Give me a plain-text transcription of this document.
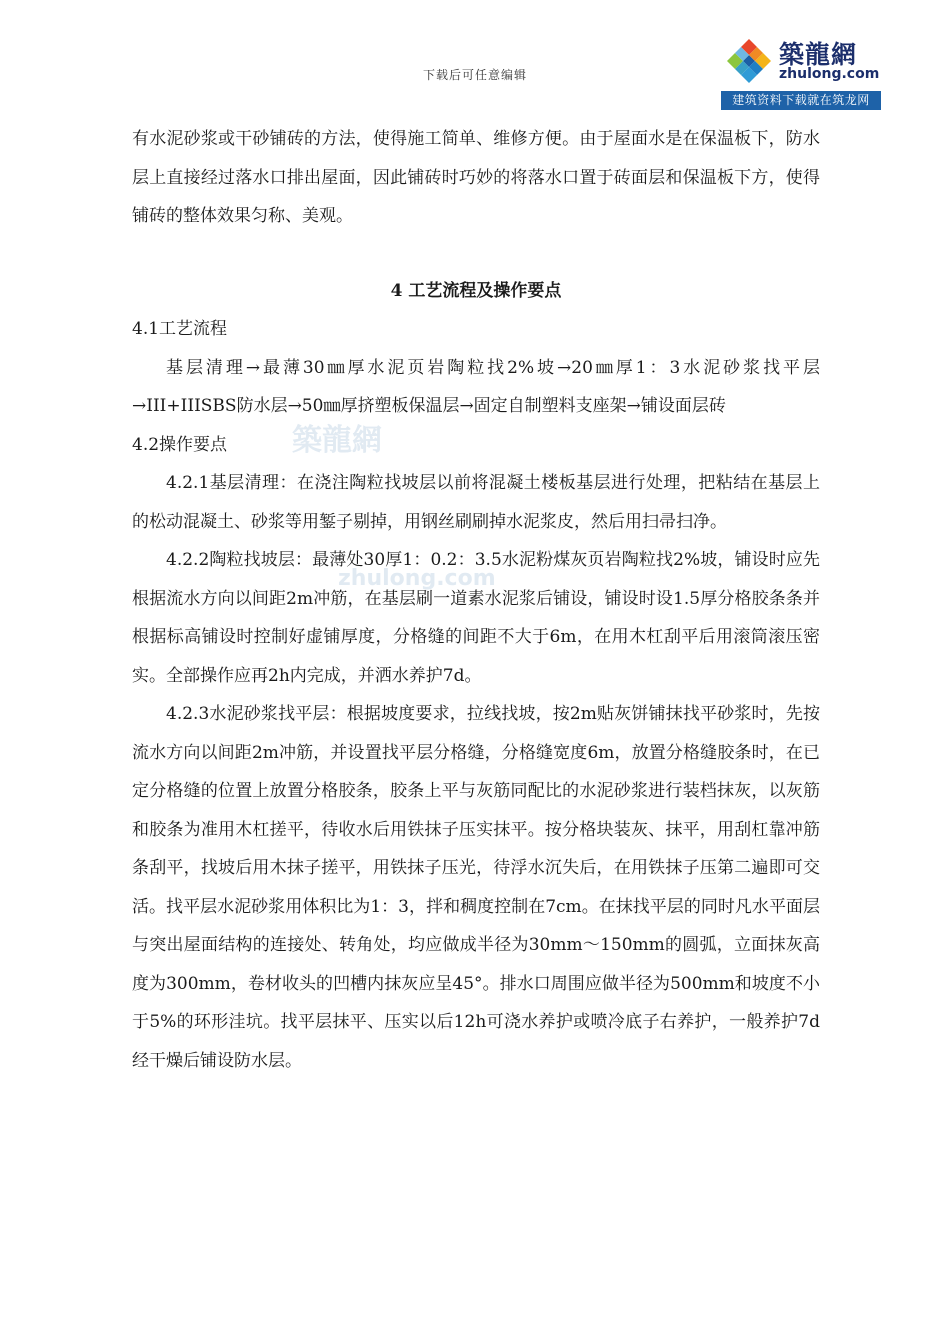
下载后可任意编辑
築龍網
zhulong.com
建筑资料下载就在筑龙网
築龍網
zhulong.com

有水泥砂浆或干砂铺砖的方法，使得施工简单、维修方便。由于屋面水是在保温板下，防水层上直接经过落水口排出屋面，因此铺砖时巧妙的将落水口置于砖面层和保温板下方，使得铺砖的整体效果匀称、美观。

4 工艺流程及操作要点

4.1工艺流程

基层清理→最薄30㎜厚水泥页岩陶粒找2%坡→20㎜厚1：3水泥砂浆找平层→III+IIISBS防水层→50㎜厚挤塑板保温层→固定自制塑料支座架→铺设面层砖

4.2操作要点

4.2.1基层清理：在浇注陶粒找坡层以前将混凝土楼板基层进行处理，把粘结在基层上的松动混凝土、砂浆等用錾子剔掉，用钢丝刷刷掉水泥浆皮，然后用扫帚扫净。

4.2.2陶粒找坡层：最薄处30厚1：0.2：3.5水泥粉煤灰页岩陶粒找2%坡，铺设时应先根据流水方向以间距2m冲筋，在基层刷一道素水泥浆后铺设，铺设时设1.5厚分格胶条条并根据标高铺设时控制好虚铺厚度，分格缝的间距不大于6m，在用木杠刮平后用滚筒滚压密实。全部操作应再2h内完成，并洒水养护7d。

4.2.3水泥砂浆找平层：根据坡度要求，拉线找坡，按2m贴灰饼铺抹找平砂浆时，先按流水方向以间距2m冲筋，并设置找平层分格缝，分格缝宽度6m，放置分格缝胶条时，在已定分格缝的位置上放置分格胶条，胶条上平与灰筋同配比的水泥砂浆进行装档抹灰，以灰筋和胶条为准用木杠搓平，待收水后用铁抹子压实抹平。按分格块装灰、抹平，用刮杠靠冲筋条刮平，找坡后用木抹子搓平，用铁抹子压光，待浮水沉失后，在用铁抹子压第二遍即可交活。找平层水泥砂浆用体积比为1：3，拌和稠度控制在7cm。在抹找平层的同时凡水平面层与突出屋面结构的连接处、转角处，均应做成半径为30mm～150mm的圆弧，立面抹灰高度为300mm，卷材收头的凹槽内抹灰应呈45°。排水口周围应做半径为500mm和坡度不小于5%的环形洼坑。找平层抹平、压实以后12h可浇水养护或喷冷底子右养护，一般养护7d经干燥后铺设防水层。
